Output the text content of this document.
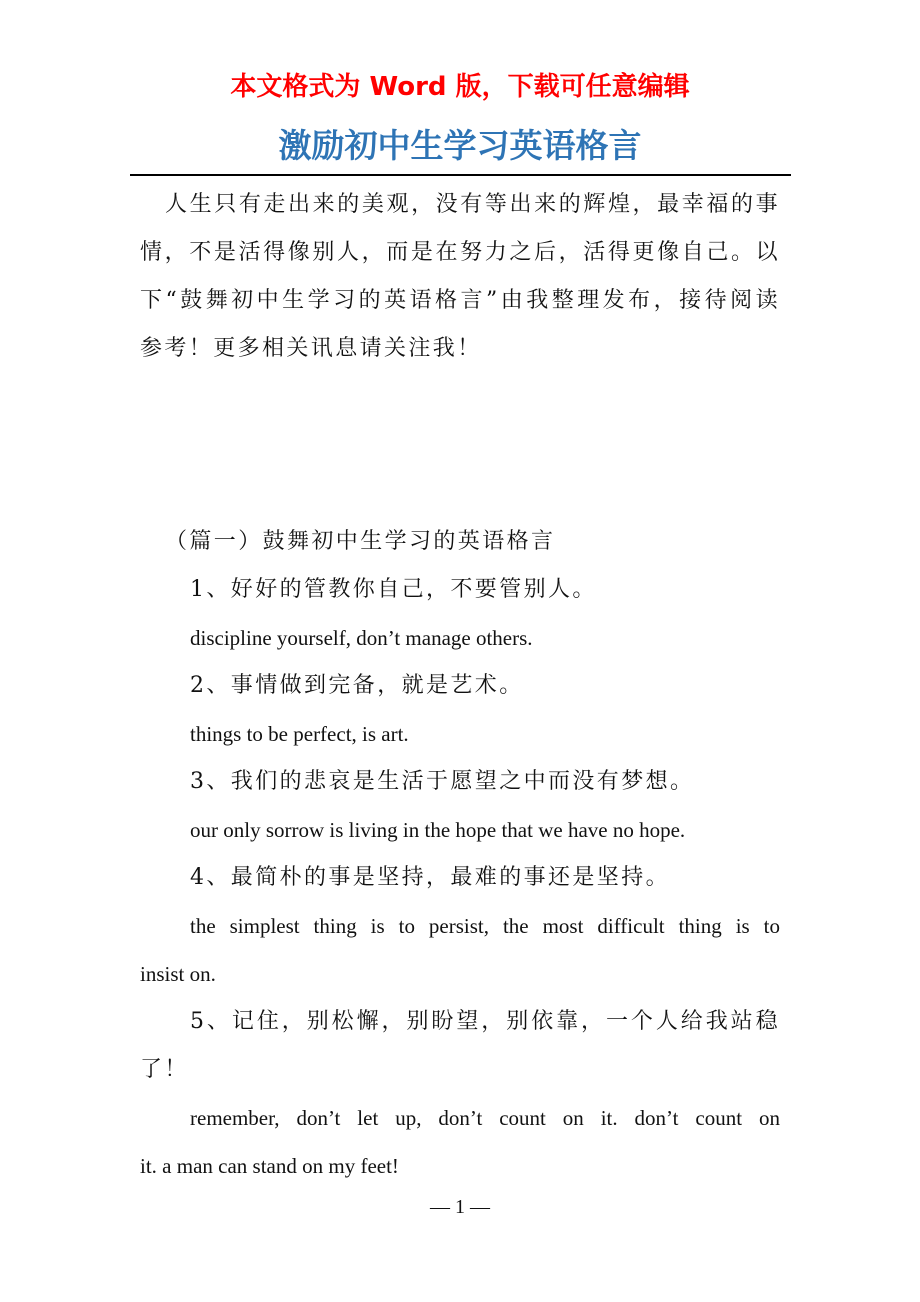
本文格式为 Word 版，下载可任意编辑
激励初中生学习英语格言
人生只有走出来的美观，没有等出来的辉煌，最幸福的事
情，不是活得像别人，而是在努力之后，活得更像自己。以
下“鼓舞初中生学习的英语格言”由我整理发布，接待阅读
参考！更多相关讯息请关注我！
（篇一）鼓舞初中生学习的英语格言
1、好好的管教你自己，不要管别人。
discipline yourself, don’t manage others.
2、事情做到完备，就是艺术。
things to be perfect, is art.
3、我们的悲哀是生活于愿望之中而没有梦想。
our only sorrow is living in the hope that we have no hope.
4、最简朴的事是坚持，最难的事还是坚持。
the simplest thing is to persist, the most difficult thing is to
insist on.
5、记住，别松懈，别盼望，别依靠，一个人给我站稳
了！
remember, don’t let up, don’t count on it. don’t count on
it. a man can stand on my feet!
— 1 —
